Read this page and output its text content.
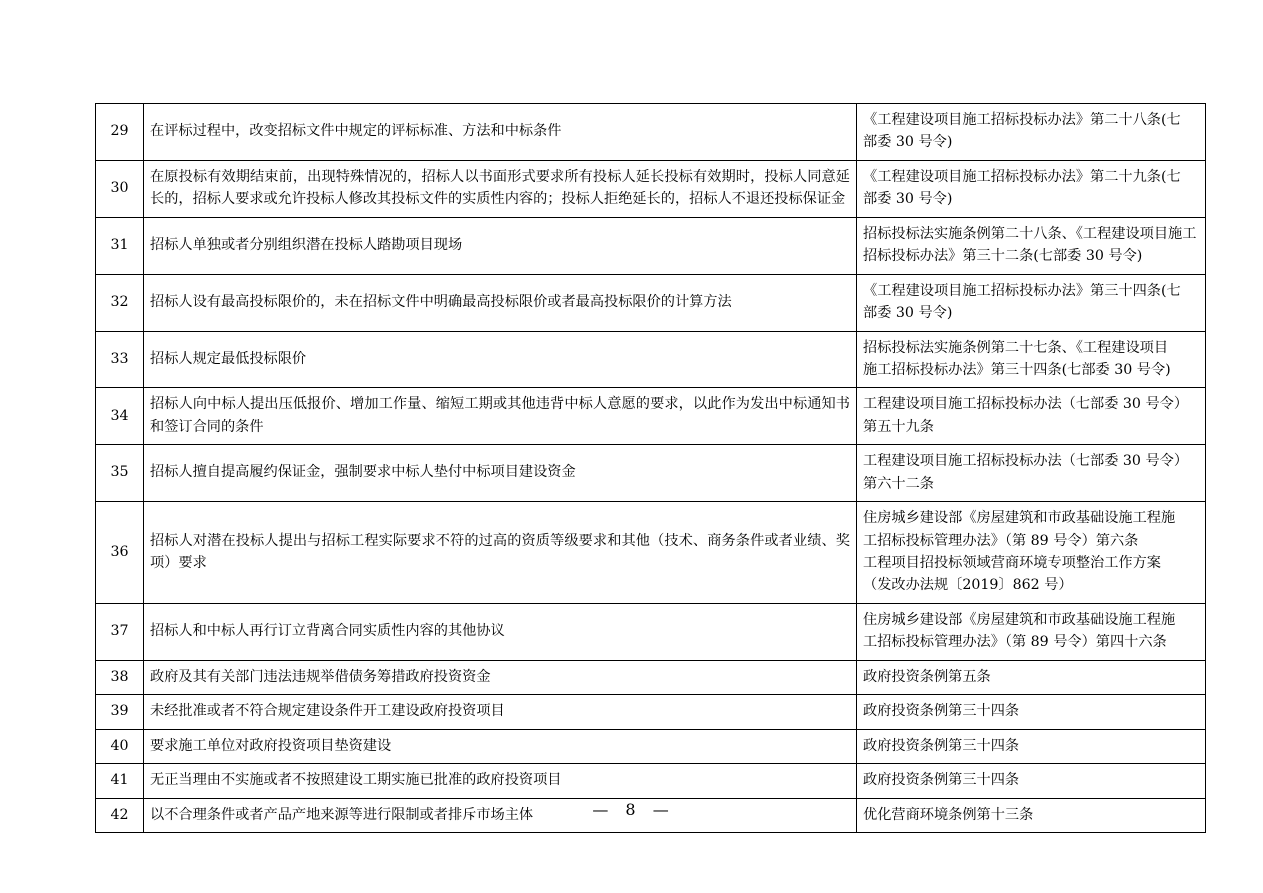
29	在评标过程中，改变招标文件中规定的评标标准、方法和中标条件	《工程建设项目施工招标投标办法》第二十八条(七
部委 30 号令)

30	在原投标有效期结束前，出现特殊情况的，招标人以书面形式要求所有投标人延长投标有效期时，投标人同意延长的，招标人要求或允许投标人修改其投标文件的实质性内容的；投标人拒绝延长的，招标人不退还投标保证金	《工程建设项目施工招标投标办法》第二十九条(七
部委 30 号令)

31	招标人单独或者分别组织潜在投标人踏勘项目现场	招标投标法实施条例第二十八条、《工程建设项目施工
招标投标办法》第三十二条(七部委 30 号令)

32	招标人设有最高投标限价的，未在招标文件中明确最高投标限价或者最高投标限价的计算方法	《工程建设项目施工招标投标办法》第三十四条(七
部委 30 号令)

33	招标人规定最低投标限价	招标投标法实施条例第二十七条、《工程建设项目
施工招标投标办法》第三十四条(七部委 30 号令)

34	招标人向中标人提出压低报价、增加工作量、缩短工期或其他违背中标人意愿的要求，以此作为发出中标通知书和签订合同的条件	工程建设项目施工招标投标办法（七部委 30 号令）
第五十九条

35	招标人擅自提高履约保证金，强制要求中标人垫付中标项目建设资金	工程建设项目施工招标投标办法（七部委 30 号令）
第六十二条

36	招标人对潜在投标人提出与招标工程实际要求不符的过高的资质等级要求和其他（技术、商务条件或者业绩、奖项）要求	住房城乡建设部《房屋建筑和市政基础设施工程施
工招标投标管理办法》（第 89 号令）第六条
工程项目招投标领域营商环境专项整治工作方案
（发改办法规〔2019〕862 号）

37	招标人和中标人再行订立背离合同实质性内容的其他协议	住房城乡建设部《房屋建筑和市政基础设施工程施
工招标投标管理办法》（第 89 号令）第四十六条

38	政府及其有关部门违法违规举借债务筹措政府投资资金	政府投资条例第五条

39	未经批准或者不符合规定建设条件开工建设政府投资项目	政府投资条例第三十四条

40	要求施工单位对政府投资项目垫资建设	政府投资条例第三十四条

41	无正当理由不实施或者不按照建设工期实施已批准的政府投资项目	政府投资条例第三十四条

42	以不合理条件或者产品产地来源等进行限制或者排斥市场主体	优化营商环境条例第十三条
— 8 —
